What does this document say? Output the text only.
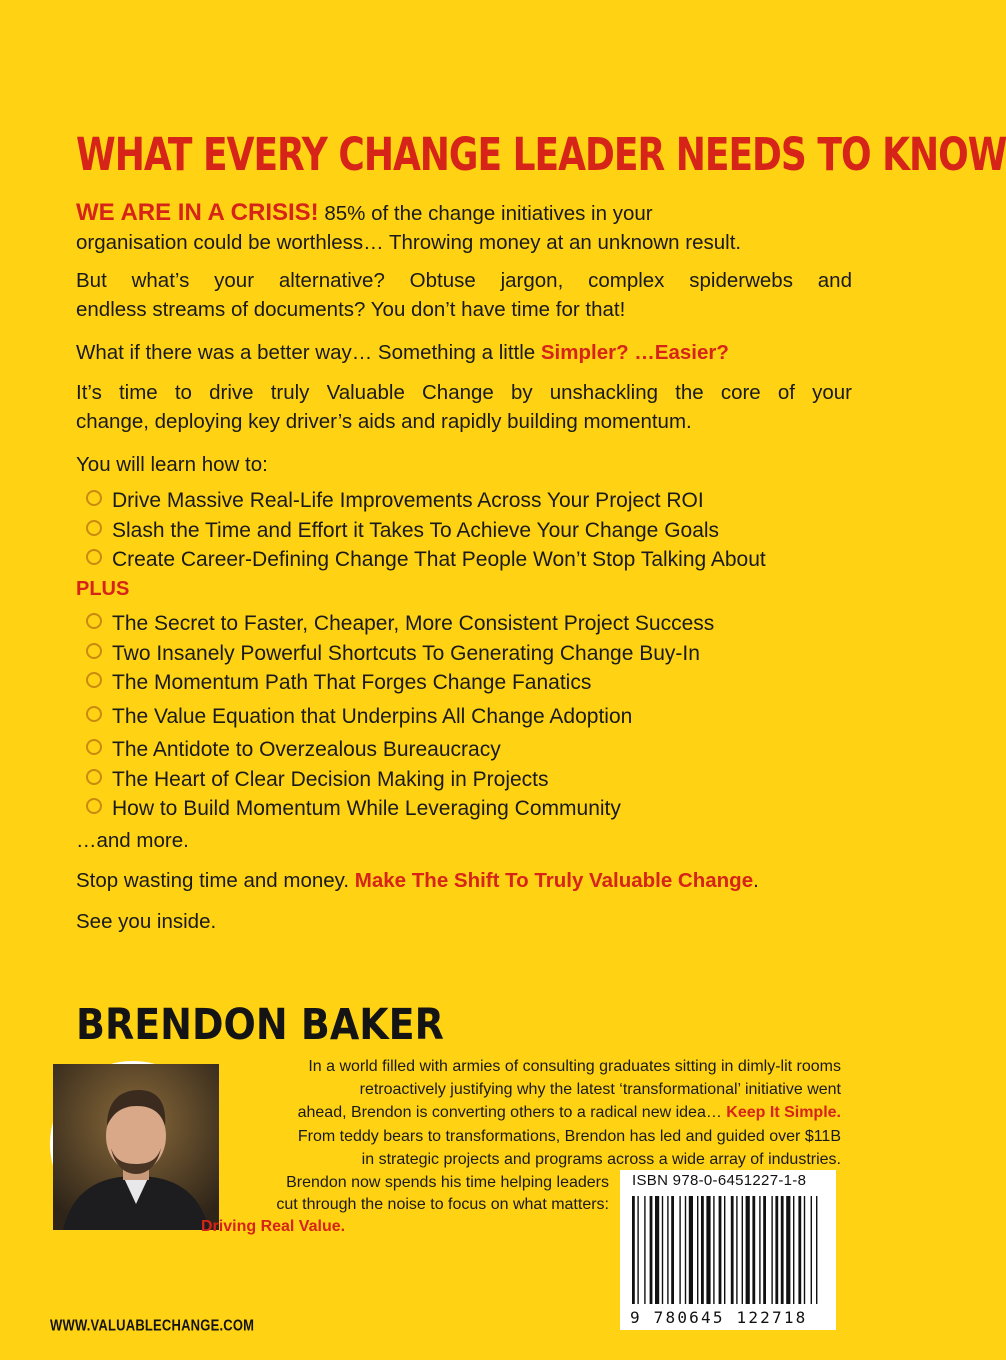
WHAT EVERY CHANGE LEADER NEEDS TO KNOW

WE ARE IN A CRISIS! 85% of the change initiatives in your
organisation could be worthless… Throwing money at an unknown result.

But what’s your alternative? Obtuse jargon, complex spiderwebs and

endless streams of documents? You don’t have time for that!

What if there was a better way… Something a little Simpler? …Easier?

It’s time to drive truly Valuable Change by unshackling the core of your

change, deploying key driver’s aids and rapidly building momentum.

You will learn how to:

Drive Massive Real-Life Improvements Across Your Project ROI
Slash the Time and Effort it Takes To Achieve Your Change Goals
Create Career-Defining Change That People Won’t Stop Talking About
PLUS
The Secret to Faster, Cheaper, More Consistent Project Success
Two Insanely Powerful Shortcuts To Generating Change Buy-In
The Momentum Path That Forges Change Fanatics
The Value Equation that Underpins All Change Adoption
The Antidote to Overzealous Bureaucracy
The Heart of Clear Decision Making in Projects
How to Build Momentum While Leveraging Community

…and more.

Stop wasting time and money. Make The Shift To Truly Valuable Change.

See you inside.

BRENDON BAKER

In a world filled with armies of consulting graduates sitting in dimly-lit rooms

retroactively justifying why the latest ‘transformational’ initiative went

ahead, Brendon is converting others to a radical new idea… Keep It Simple.

From teddy bears to transformations, Brendon has led and guided over $11B

in strategic projects and programs across a wide array of industries.

Brendon now spends his time helping leaders

cut through the noise to focus on what matters:

Driving Real Value.

ISBN 978-0-6451227-1-8
9 780645 122718
WWW.VALUABLECHANGE.COM
